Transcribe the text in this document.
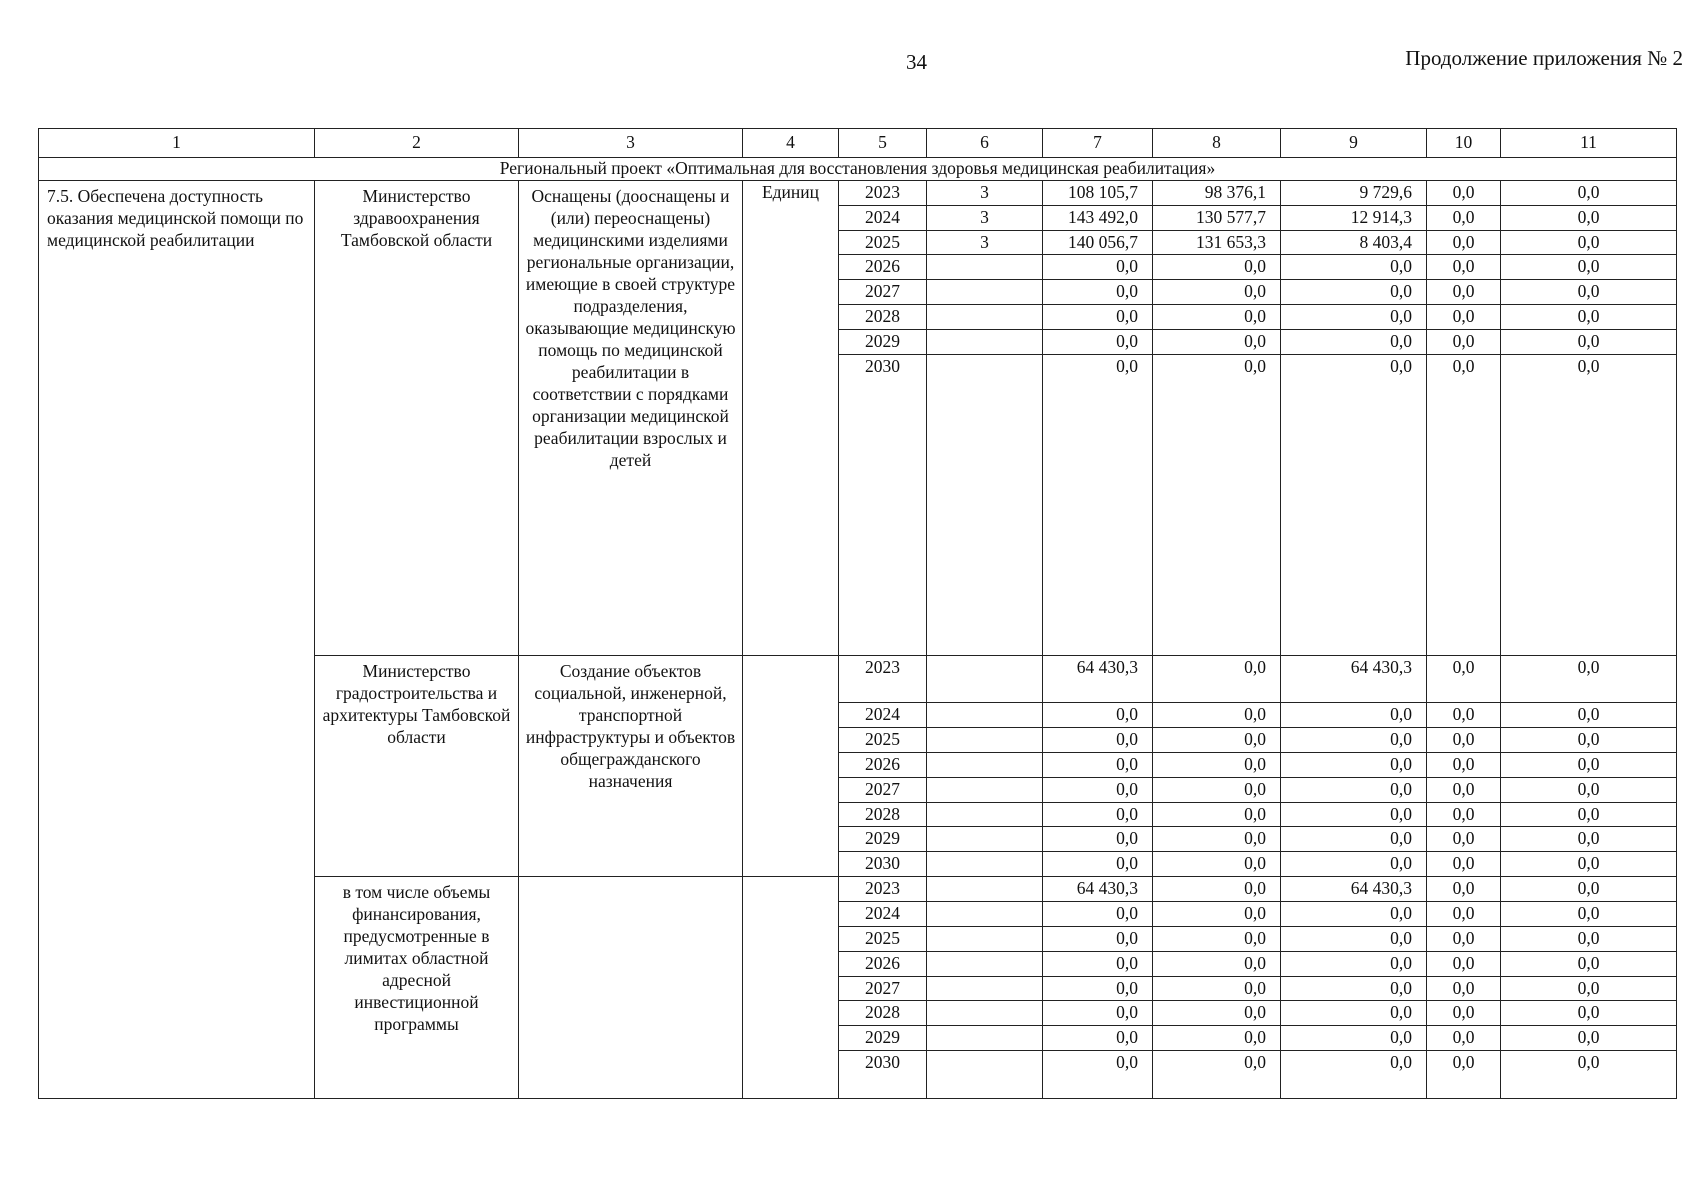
34	Продолжение приложения № 2
1	2	3	4	5	6	7	8	9	10	11
Региональный проект «Оптимальная для восстановления здоровья медицинская реабилитация»										
7.5. Обеспечена доступность оказания медицинской помощи по медицинской реабилитации	Министерство здравоохранения Тамбовской области	Оснащены (дооснащены и (или) переоснащены) медицинскими изделиями региональные организации, имеющие в своей структуре подразделения, оказывающие медицинскую помощь по медицинской реабилитации в соответствии с порядками организации медицинской реабилитации взрослых и детей	Единиц	2023	3	108 105,7	98 376,1	9 729,6	0,0	0,0
				2024	3	143 492,0	130 577,7	12 914,3	0,0	0,0
				2025	3	140 056,7	131 653,3	8 403,4	0,0	0,0
				2026		0,0	0,0	0,0	0,0	0,0
				2027		0,0	0,0	0,0	0,0	0,0
				2028		0,0	0,0	0,0	0,0	0,0
				2029		0,0	0,0	0,0	0,0	0,0
				2030		0,0	0,0	0,0	0,0	0,0
	Министерство градостроительства и архитектуры Тамбовской области	Создание объектов социальной, инженерной, транспортной инфраструктуры и объектов общегражданского назначения		2023		64 430,3	0,0	64 430,3	0,0	0,0
				2024		0,0	0,0	0,0	0,0	0,0
				2025		0,0	0,0	0,0	0,0	0,0
				2026		0,0	0,0	0,0	0,0	0,0
				2027		0,0	0,0	0,0	0,0	0,0
				2028		0,0	0,0	0,0	0,0	0,0
				2029		0,0	0,0	0,0	0,0	0,0
				2030		0,0	0,0	0,0	0,0	0,0
	в том числе объемы финансирования, предусмотренные в лимитах областной адресной инвестиционной программы			2023		64 430,3	0,0	64 430,3	0,0	0,0
				2024		0,0	0,0	0,0	0,0	0,0
				2025		0,0	0,0	0,0	0,0	0,0
				2026		0,0	0,0	0,0	0,0	0,0
				2027		0,0	0,0	0,0	0,0	0,0
				2028		0,0	0,0	0,0	0,0	0,0
				2029		0,0	0,0	0,0	0,0	0,0
				2030		0,0	0,0	0,0	0,0	0,0
